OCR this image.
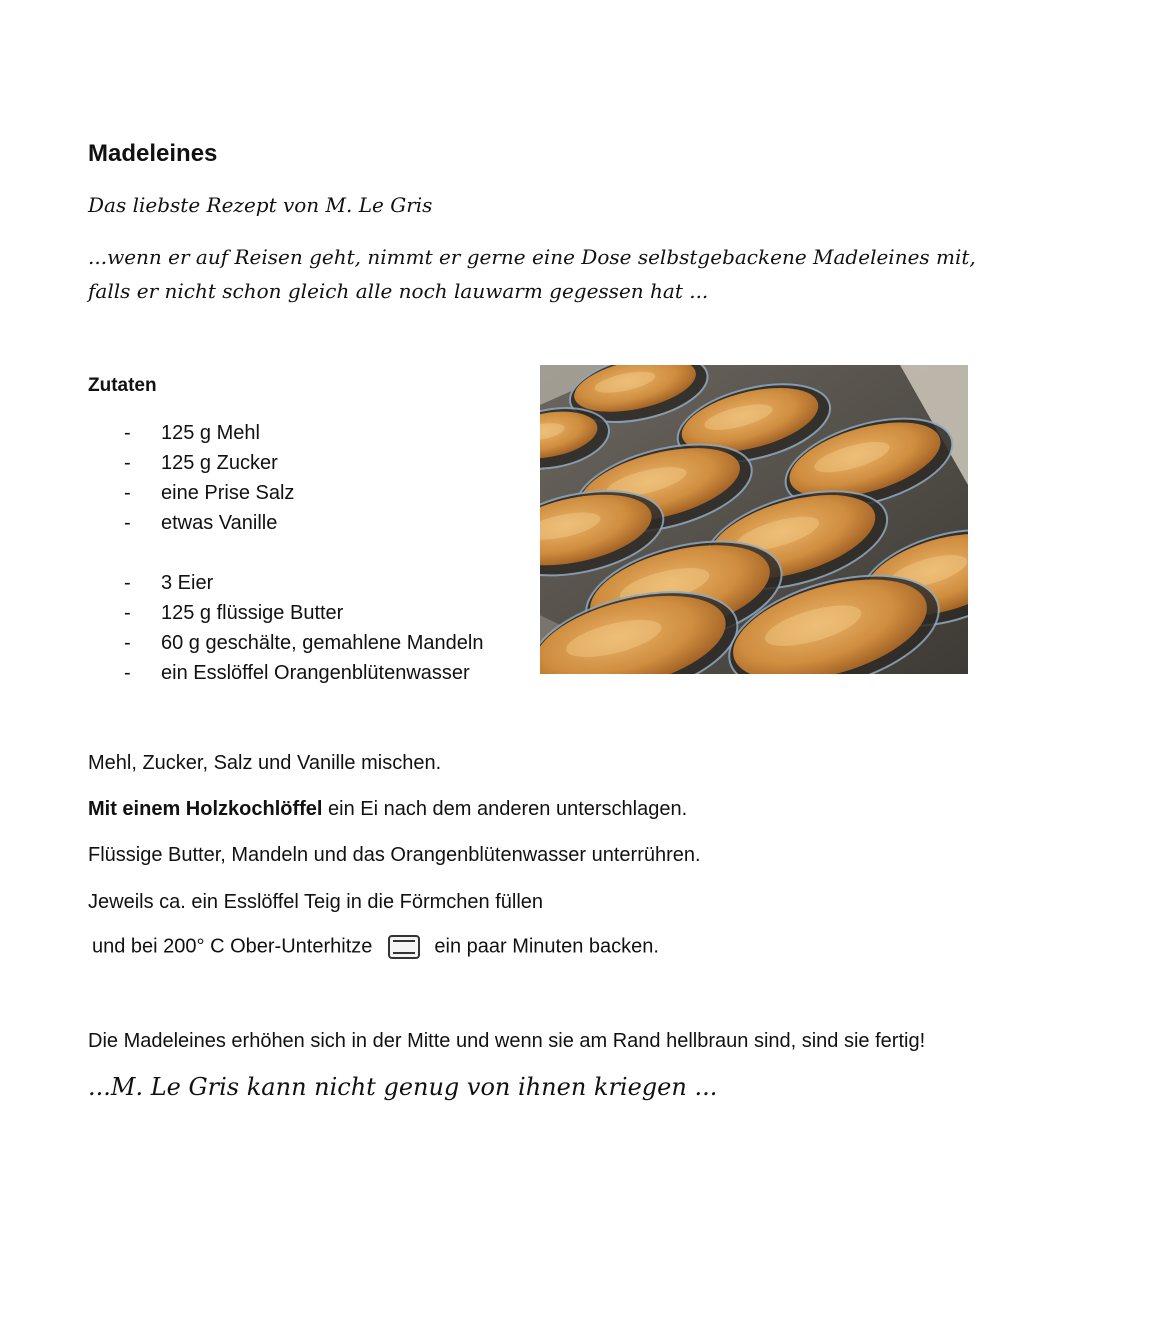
Madeleines

Das liebste Rezept von M. Le Gris

...wenn er auf Reisen geht, nimmt er gerne eine Dose selbstgebackene Madeleines mit,
falls er nicht schon gleich alle noch lauwarm gegessen hat ...
Zutaten
- 125 g Mehl
- 125 g Zucker
- eine Prise Salz
- etwas Vanille
- 3 Eier
- 125 g flüssige Butter
- 60 g geschälte, gemahlene Mandeln
- ein Esslöffel Orangenblütenwasser

Mehl, Zucker, Salz und Vanille mischen.

Mit einem Holzkochlöffel ein Ei nach dem anderen unterschlagen.

Flüssige Butter, Mandeln und das Orangenblütenwasser unterrühren.

Jeweils ca. ein Esslöffel Teig in die Förmchen füllen

und bei 200° C Ober-Unterhitze	ein paar Minuten backen.

Die Madeleines erhöhen sich in der Mitte und wenn sie am Rand hellbraun sind, sind sie fertig!

...M. Le Gris kann nicht genug von ihnen kriegen ...
